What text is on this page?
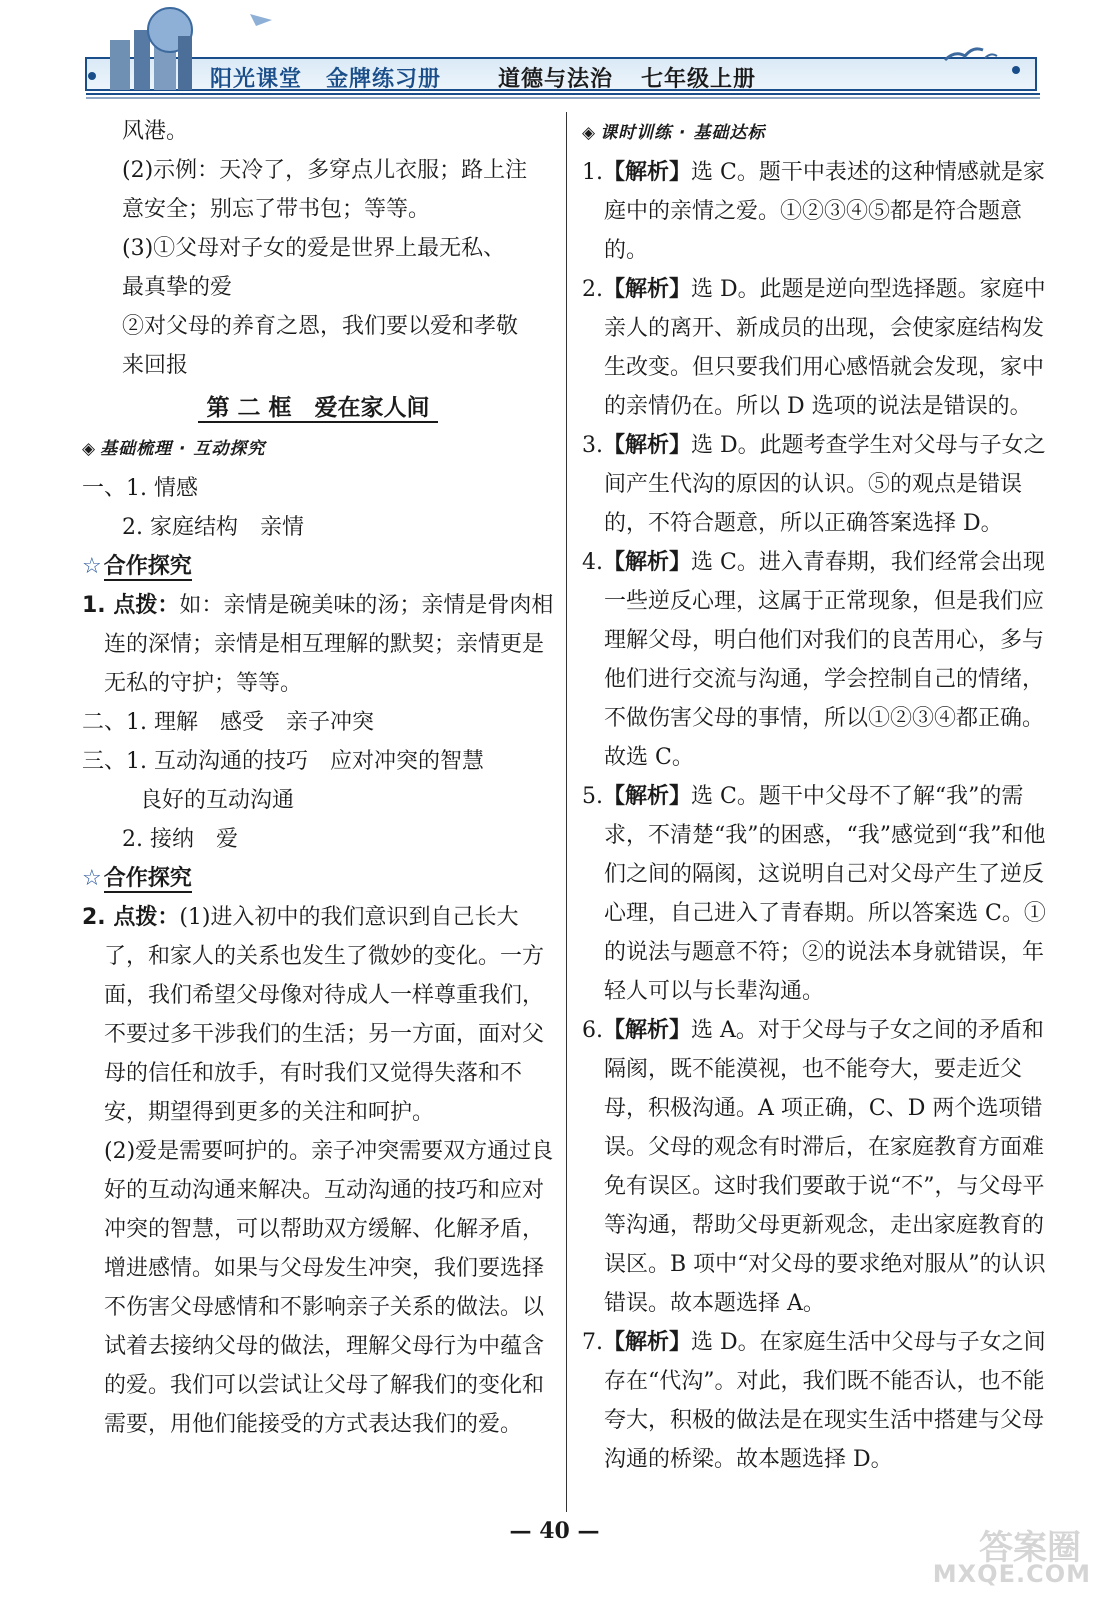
阳光课堂 金牌练习册	道德与法治 七年级上册

风港。

(2)示例：天冷了，多穿点儿衣服；路上注

意安全；别忘了带书包；等等。

(3)①父母对子女的爱是世界上最无私、

最真挚的爱

②对父母的养育之恩，我们要以爱和孝敬

来回报

第 二 框　爱在家人间

◈ 基础梳理 · 互动探究

一、1. 情感

2. 家庭结构　亲情

☆合作探究

1. 点拨：如：亲情是碗美味的汤；亲情是骨肉相连的深情；亲情是相互理解的默契；亲情更是无私的守护；等等。

二、1. 理解　感受　亲子冲突

三、1. 互动沟通的技巧　应对冲突的智慧

良好的互动沟通

2. 接纳　爱

☆合作探究

2. 点拨：(1)进入初中的我们意识到自己长大了，和家人的关系也发生了微妙的变化。一方面，我们希望父母像对待成人一样尊重我们，不要过多干涉我们的生活；另一方面，面对父母的信任和放手，有时我们又觉得失落和不安，期望得到更多的关注和呵护。

(2)爱是需要呵护的。亲子冲突需要双方通过良好的互动沟通来解决。互动沟通的技巧和应对冲突的智慧，可以帮助双方缓解、化解矛盾，增进感情。如果与父母发生冲突，我们要选择不伤害父母感情和不影响亲子关系的做法。以试着去接纳父母的做法，理解父母行为中蕴含的爱。我们可以尝试让父母了解我们的变化和需要，用他们能接受的方式表达我们的爱。

◈ 课时训练 · 基础达标

1.【解析】选 C。题干中表述的这种情感就是家庭中的亲情之爱。①②③④⑤都是符合题意的。

2.【解析】选 D。此题是逆向型选择题。家庭中亲人的离开、新成员的出现，会使家庭结构发生改变。但只要我们用心感悟就会发现，家中的亲情仍在。所以 D 选项的说法是错误的。

3.【解析】选 D。此题考查学生对父母与子女之间产生代沟的原因的认识。⑤的观点是错误的，不符合题意，所以正确答案选择 D。

4.【解析】选 C。进入青春期，我们经常会出现一些逆反心理，这属于正常现象，但是我们应理解父母，明白他们对我们的良苦用心，多与他们进行交流与沟通，学会控制自己的情绪，不做伤害父母的事情，所以①②③④都正确。故选 C。

5.【解析】选 C。题干中父母不了解“我”的需求，不清楚“我”的困惑，“我”感觉到“我”和他们之间的隔阂，这说明自己对父母产生了逆反心理，自己进入了青春期。所以答案选 C。①的说法与题意不符；②的说法本身就错误，年轻人可以与长辈沟通。

6.【解析】选 A。对于父母与子女之间的矛盾和隔阂，既不能漠视，也不能夸大，要走近父母，积极沟通。A 项正确，C、D 两个选项错误。父母的观念有时滞后，在家庭教育方面难免有误区。这时我们要敢于说“不”，与父母平等沟通，帮助父母更新观念，走出家庭教育的误区。B 项中“对父母的要求绝对服从”的认识错误。故本题选择 A。

7.【解析】选 D。在家庭生活中父母与子女之间存在“代沟”。对此，我们既不能否认，也不能夸大，积极的做法是在现实生活中搭建与父母沟通的桥梁。故本题选择 D。

— 40 —	答案圈
MXQE.COM
